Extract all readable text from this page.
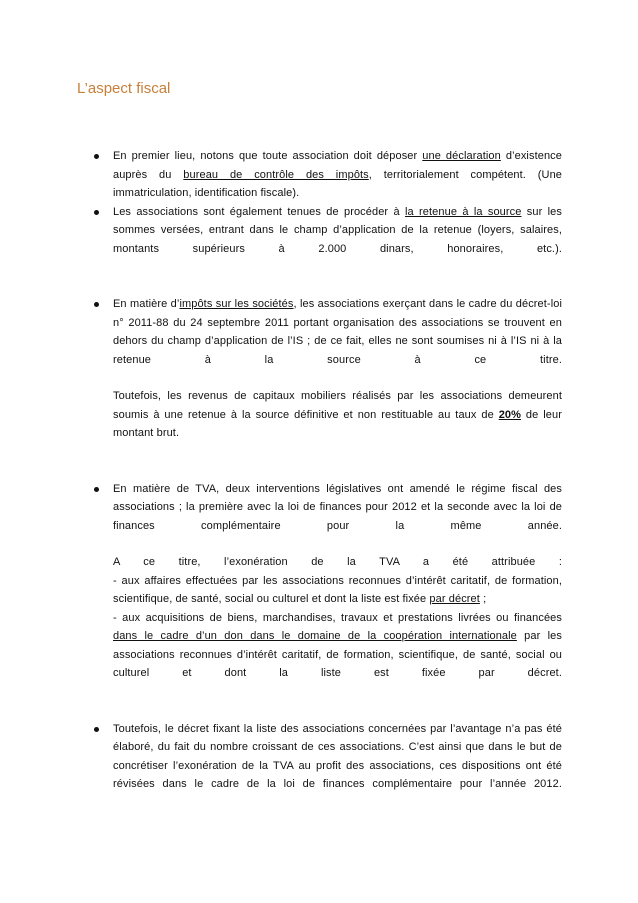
L’aspect fiscal

En premier lieu, notons que toute association doit déposer une déclaration d’existence auprès du bureau de contrôle des impôts, territorialement compétent. (Une immatriculation, identification fiscale).

Les associations sont également tenues de procéder à la retenue à la source sur les sommes versées, entrant dans le champ d’application de la retenue (loyers, salaires, montants supérieurs à 2.000 dinars, honoraires, etc.).

En matière d’impôts sur les sociétés, les associations exerçant dans le cadre du décret-loi n° 2011-88 du 24 septembre 2011 portant organisation des associations se trouvent en dehors du champ d’application de l’IS ; de ce fait, elles ne sont soumises ni à l’IS ni à la retenue à la source à ce titre.

Toutefois, les revenus de capitaux mobiliers réalisés par les associations demeurent soumis à une retenue à la source définitive et non restituable au taux de 20% de leur montant brut.

En matière de TVA, deux interventions législatives ont amendé le régime fiscal des associations ; la première avec la loi de finances pour 2012 et la seconde avec la loi de finances complémentaire pour la même année.

A ce titre, l’exonération de la TVA a été attribuée :

- aux affaires effectuées par les associations reconnues d’intérêt caritatif, de formation, scientifique, de santé, social ou culturel et dont la liste est fixée par décret ;

- aux acquisitions de biens, marchandises, travaux et prestations livrées ou financées dans le cadre d’un don dans le domaine de la coopération internationale par les associations reconnues d’intérêt caritatif, de formation, scientifique, de santé, social ou culturel et dont la liste est fixée par décret.

Toutefois, le décret fixant la liste des associations concernées par l’avantage n’a pas été élaboré, du fait du nombre croissant de ces associations. C’est ainsi que dans le but de concrétiser l’exonération de la TVA au profit des associations, ces dispositions ont été révisées dans le cadre de la loi de finances complémentaire pour l’année 2012.
